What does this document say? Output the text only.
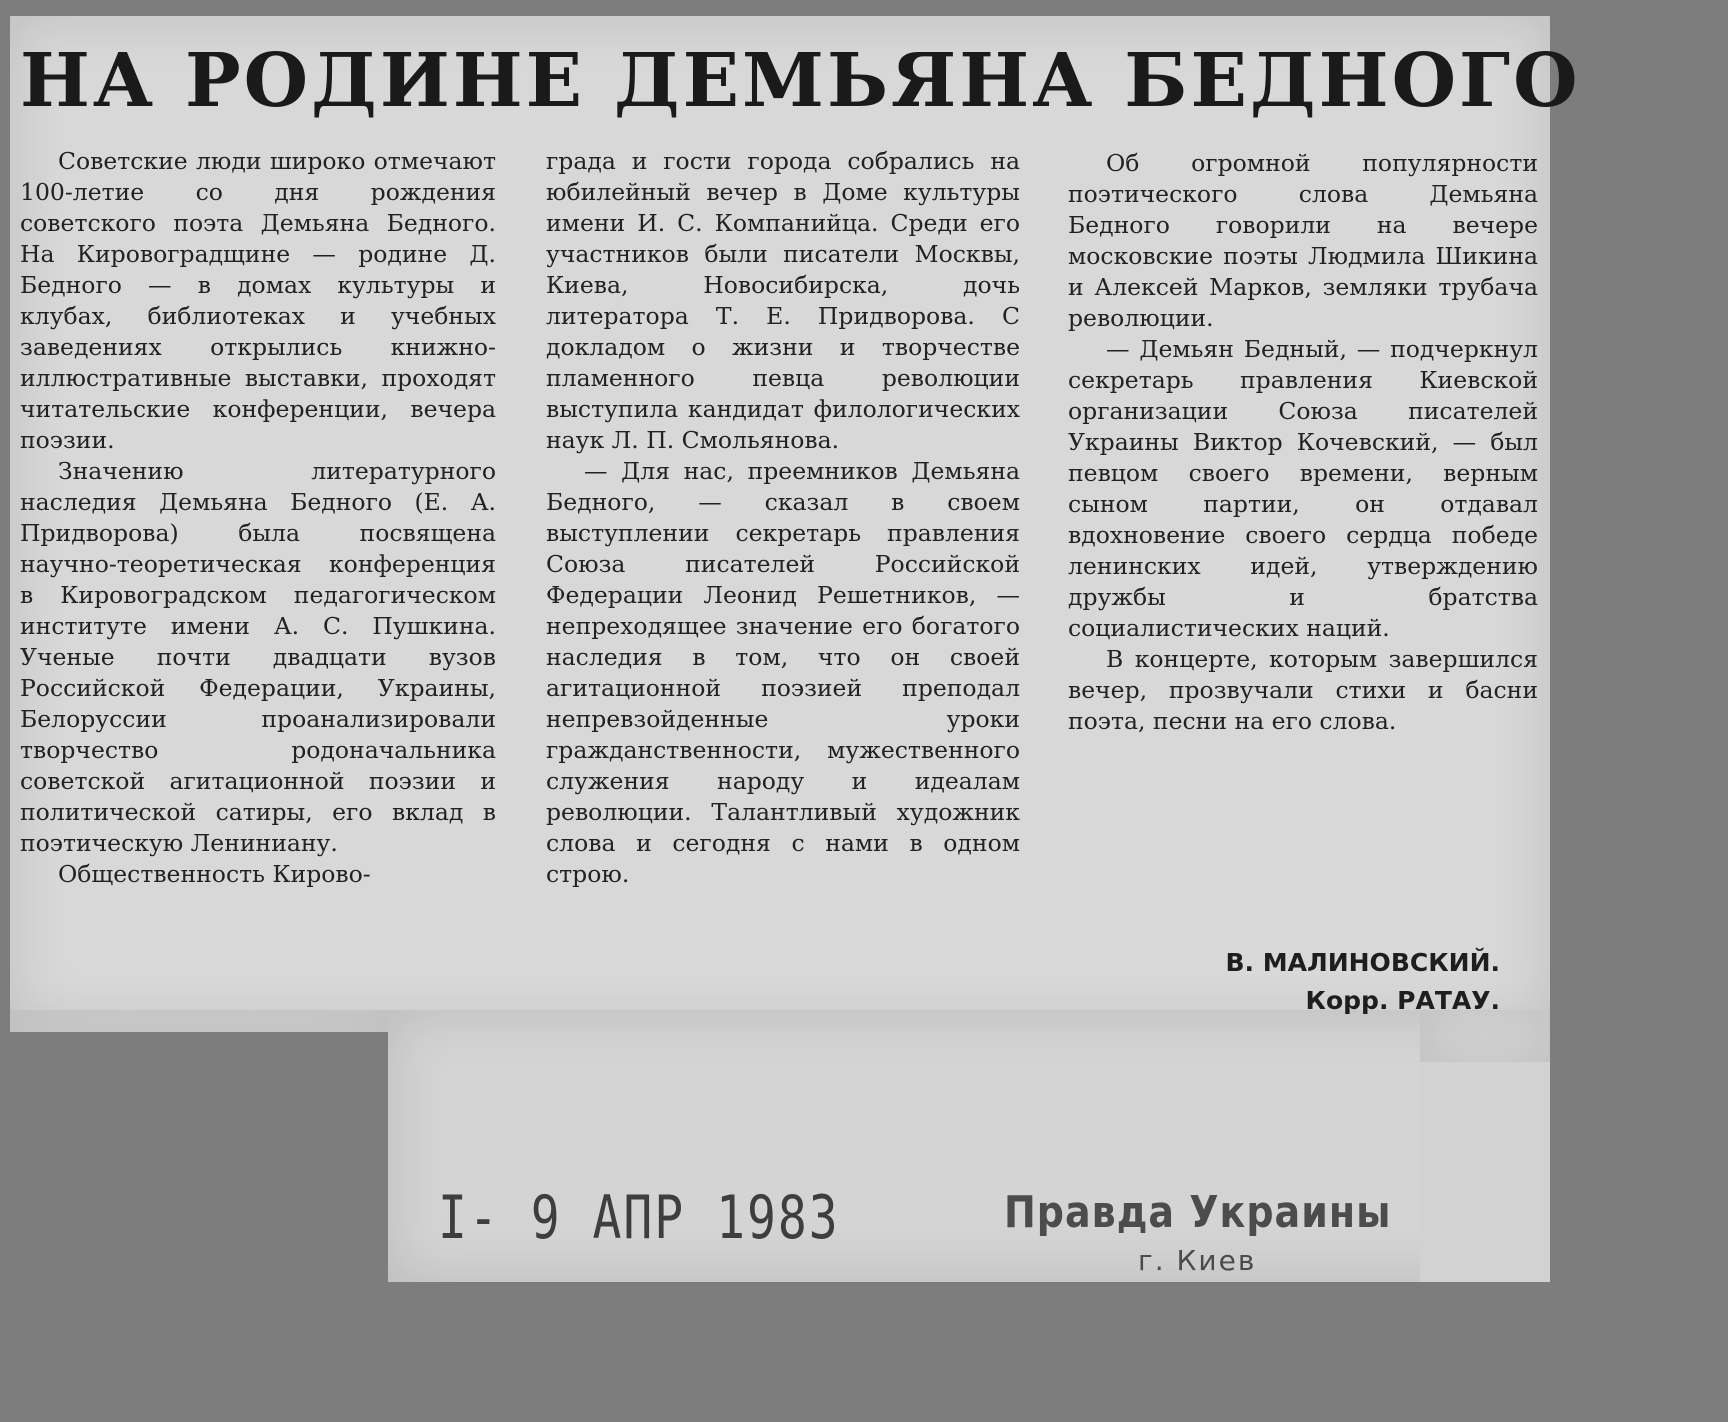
НА РОДИНЕ ДЕМЬЯНА БЕДНОГО

Советские люди широко отмечают 100-летие со дня рождения советского поэта Демьяна Бедного. На Кировоградщине — родине Д. Бедного — в домах культуры и клубах, библиотеках и учебных заведениях открылись книжно-иллюстративные выставки, проходят читательские конференции, вечера поэзии.

Значению литературного наследия Демьяна Бедного (Е. А. Придворова) была посвящена научно-теоретическая конференция в Кировоградском педагогическом институте имени А. С. Пушкина. Ученые почти двадцати вузов Российской Федерации, Украины, Белоруссии проанализировали творчество родоначальника советской агитационной поэзии и политической сатиры, его вклад в поэтическую Лениниану.

Общественность Кирово-

града и гости города собрались на юбилейный вечер в Доме культуры имени И. С. Компанийца. Среди его участников были писатели Москвы, Киева, Новосибирска, дочь литератора Т. Е. Придворова. С докладом о жизни и творчестве пламенного певца революции выступила кандидат филологических наук Л. П. Смольянова.

— Для нас, преемников Демьяна Бедного, — сказал в своем выступлении секретарь правления Союза писателей Российской Федерации Леонид Решетников, — непреходящее значение его богатого наследия в том, что он своей агитационной поэзией преподал непревзойденные уроки гражданственности, мужественного служения народу и идеалам революции. Талантливый художник слова и сегодня с нами в одном строю.

Об огромной популярности поэтического слова Демьяна Бедного говорили на вечере московские поэты Людмила Шикина и Алексей Марков, земляки трубача революции.

— Демьян Бедный, — подчеркнул секретарь правления Киевской организации Союза писателей Украины Виктор Кочевский, — был певцом своего времени, верным сыном партии, он отдавал вдохновение своего сердца победе ленинских идей, утверждению дружбы и братства социалистических наций.

В концерте, которым завершился вечер, прозвучали стихи и басни поэта, песни на его слова.

В. МАЛИНОВСКИЙ.
Корр. РАТАУ.
I- 9 АПР 1983	Правда Украины
г. Киев
